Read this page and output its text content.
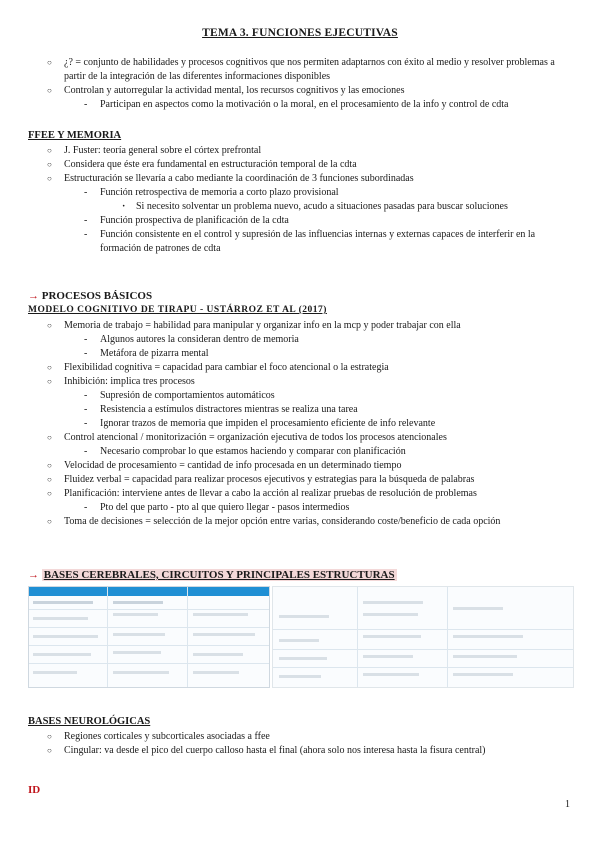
TEMA 3. FUNCIONES EJECUTIVAS
○ ¿? = conjunto de habilidades y procesos cognitivos que nos permiten adaptarnos con éxito al medio y resolver problemas a partir de la integración de las diferentes informaciones disponibles
○ Controlan y autorregular la actividad mental, los recursos cognitivos y las emociones
- Participan en aspectos como la motivación o la moral, en el procesamiento de la info y control de cdta
FFEE Y MEMORIA
○ J. Fuster: teoría general sobre el córtex prefrontal
○ Considera que éste era fundamental en estructuración temporal de la cdta
○ Estructuración se llevaría a cabo mediante la coordinación de 3 funciones subordinadas
- Función retrospectiva de memoria a corto plazo provisional
· Si necesito solventar un problema nuevo, acudo a situaciones pasadas para buscar soluciones
- Función prospectiva de planificación de la cdta
- Función consistente en el control y supresión de las influencias internas y externas capaces de interferir en la formación de patrones de cdta
→ PROCESOS BÁSICOS
MODELO COGNITIVO DE TIRAPU - USTÁRROZ ET AL (2017)
○ Memoria de trabajo = habilidad para manipular y organizar info en la mcp y poder trabajar con ella
- Algunos autores la consideran dentro de memoria
- Metáfora de pizarra mental
○ Flexibilidad cognitiva = capacidad para cambiar el foco atencional o la estrategia
○ Inhibición: implica tres procesos
- Supresión de comportamientos automáticos
- Resistencia a estímulos distractores mientras se realiza una tarea
- Ignorar trazos de memoria que impiden el procesamiento eficiente de info relevante
○ Control atencional / monitorización = organización ejecutiva de todos los procesos atencionales
- Necesario comprobar lo que estamos haciendo y comparar con planificación
○ Velocidad de procesamiento = cantidad de info procesada en un determinado tiempo
○ Fluidez verbal = capacidad para realizar procesos ejecutivos y estrategias para la búsqueda de palabras
○ Planificación: interviene antes de llevar a cabo la acción al realizar pruebas de resolución de problemas
- Pto del que parto - pto al que quiero llegar - pasos intermedios
○ Toma de decisiones = selección de la mejor opción entre varias, considerando coste/beneficio de cada opción
→ BASES CEREBRALES, CIRCUITOS Y PRINCIPALES ESTRUCTURAS
BASES NEUROLÓGICAS
○ Regiones corticales y subcorticales asociadas a ffee
○ Cingular: va desde el pico del cuerpo calloso hasta el final (ahora solo nos interesa hasta la fisura central)
ID
1
